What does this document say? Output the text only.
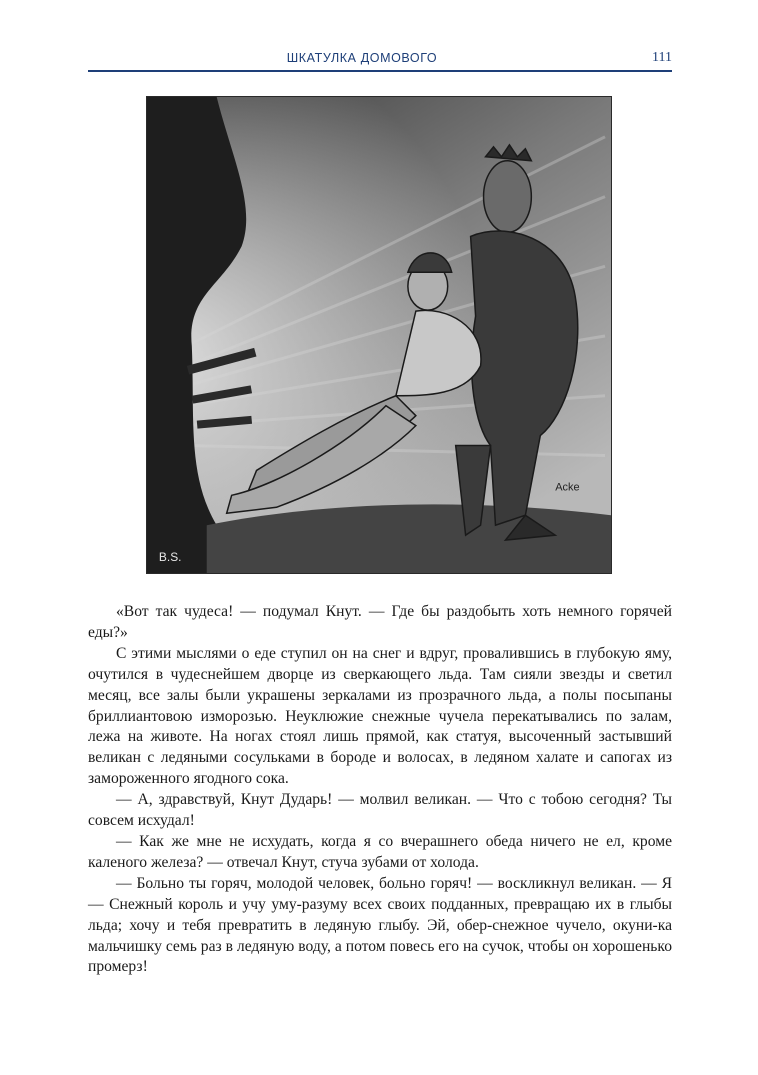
ШКАТУЛКА ДОМОВОГО	111
B.S.
Acke

«Вот так чудеса! — подумал Кнут. — Где бы раздобыть хоть немного горячей еды?»

С этими мыслями о еде ступил он на снег и вдруг, провалившись в глубокую яму, очутился в чудеснейшем дворце из сверкающего льда. Там сияли звезды и светил месяц, все залы были украшены зеркалами из прозрачного льда, а полы посыпаны бриллиантовою изморозью. Неуклюжие снежные чучела перекатывались по залам, лежа на животе. На ногах стоял лишь прямой, как статуя, высоченный застывший великан с ледяными сосульками в бороде и волосах, в ледяном халате и сапогах из замороженного ягодного сока.

— А, здравствуй, Кнут Дударь! — молвил великан. — Что с тобою сегодня? Ты совсем исхудал!

— Как же мне не исхудать, когда я со вчерашнего обеда ничего не ел, кроме каленого железа? — отвечал Кнут, стуча зубами от холода.

— Больно ты горяч, молодой человек, больно горяч! — воскликнул великан. — Я — Снежный король и учу уму-разуму всех своих подданных, превращаю их в глыбы льда; хочу и тебя превратить в ледяную глыбу. Эй, обер-снежное чучело, окуни-ка мальчишку семь раз в ледяную воду, а потом повесь его на сучок, чтобы он хорошенько промерз!
